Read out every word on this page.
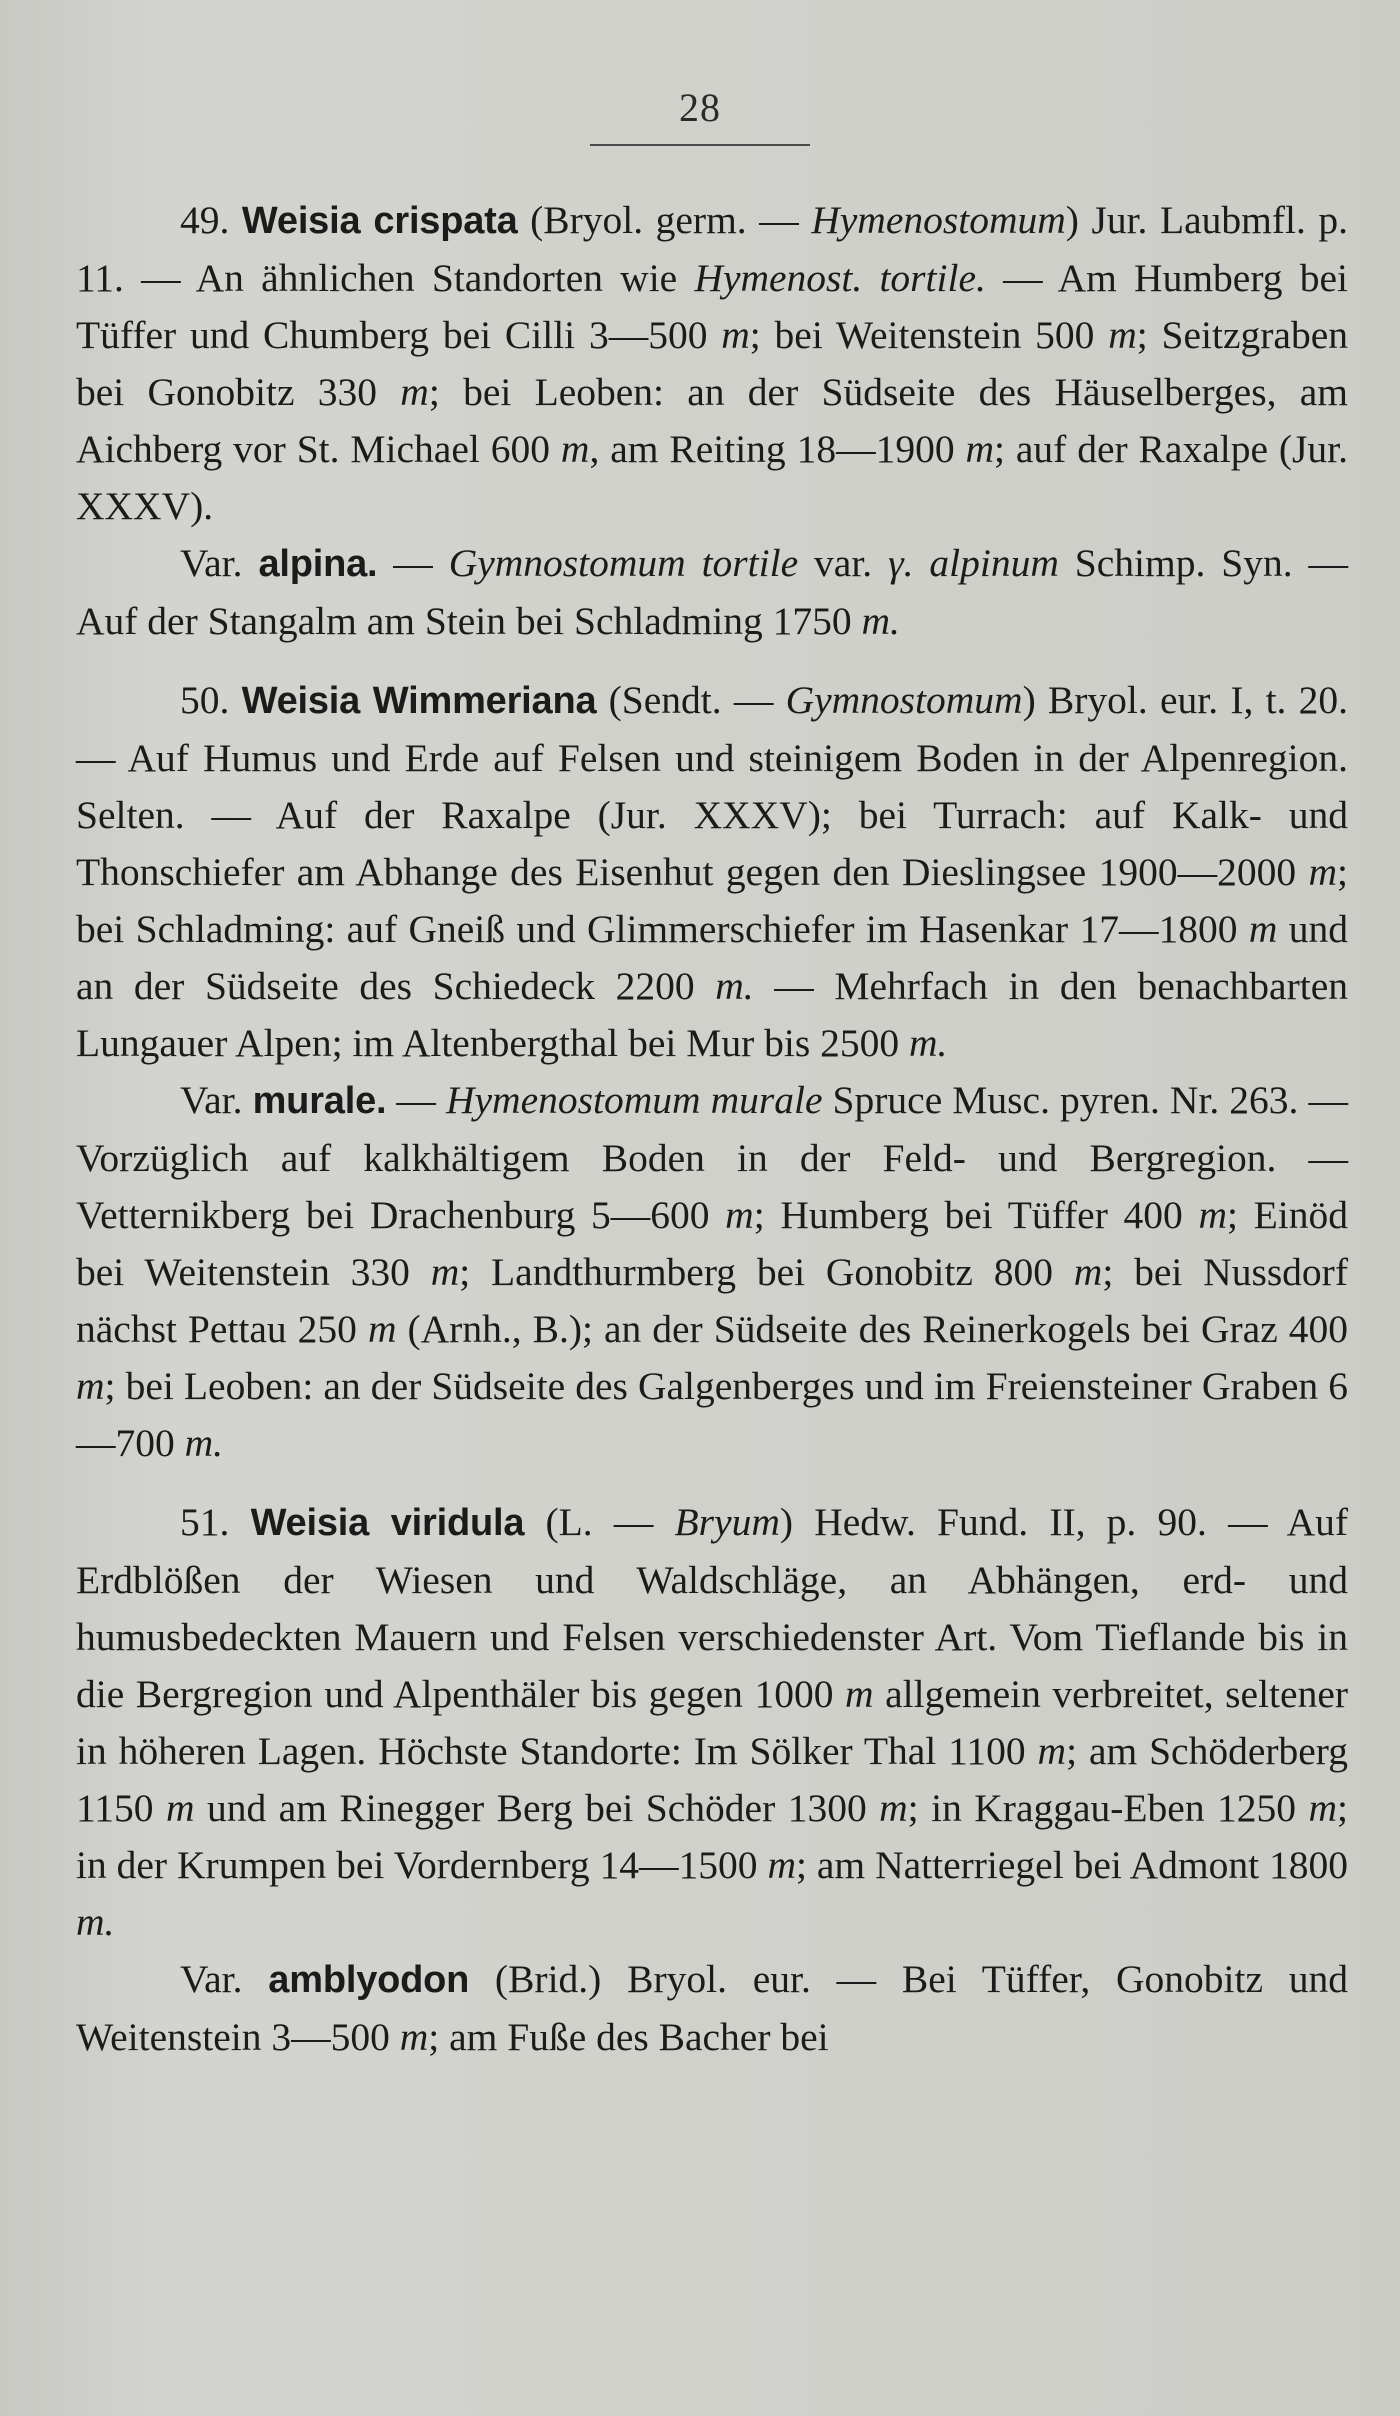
28

49. Weisia crispata (Bryol. germ. — Hymenostomum) Jur. Laubmfl. p. 11. — An ähnlichen Standorten wie Hymenost. tortile. — Am Humberg bei Tüffer und Chumberg bei Cilli 3—500 m; bei Weitenstein 500 m; Seitzgraben bei Gonobitz 330 m; bei Leoben: an der Südseite des Häuselberges, am Aichberg vor St. Michael 600 m, am Reiting 18—1900 m; auf der Raxalpe (Jur. XXXV).

Var. alpina. — Gymnostomum tortile var. γ. alpinum Schimp. Syn. — Auf der Stangalm am Stein bei Schladming 1750 m.

50. Weisia Wimmeriana (Sendt. — Gymnostomum) Bryol. eur. I, t. 20. — Auf Humus und Erde auf Felsen und steinigem Boden in der Alpenregion. Selten. — Auf der Raxalpe (Jur. XXXV); bei Turrach: auf Kalk- und Thonschiefer am Abhange des Eisenhut gegen den Dieslingsee 1900—2000 m; bei Schladming: auf Gneiß und Glimmerschiefer im Hasenkar 17—1800 m und an der Südseite des Schiedeck 2200 m. — Mehrfach in den benachbarten Lungauer Alpen; im Altenbergthal bei Mur bis 2500 m.

Var. murale. — Hymenostomum murale Spruce Musc. pyren. Nr. 263. — Vorzüglich auf kalkhältigem Boden in der Feld- und Bergregion. — Vetternikberg bei Drachenburg 5—600 m; Humberg bei Tüffer 400 m; Einöd bei Weitenstein 330 m; Landthurmberg bei Gonobitz 800 m; bei Nussdorf nächst Pettau 250 m (Arnh., B.); an der Südseite des Reinerkogels bei Graz 400 m; bei Leoben: an der Südseite des Galgenberges und im Freiensteiner Graben 6—700 m.

51. Weisia viridula (L. — Bryum) Hedw. Fund. II, p. 90. — Auf Erdblößen der Wiesen und Waldschläge, an Abhängen, erd- und humusbedeckten Mauern und Felsen verschiedenster Art. Vom Tieflande bis in die Bergregion und Alpenthäler bis gegen 1000 m allgemein verbreitet, seltener in höheren Lagen. Höchste Standorte: Im Sölker Thal 1100 m; am Schöderberg 1150 m und am Rinegger Berg bei Schöder 1300 m; in Kraggau-Eben 1250 m; in der Krumpen bei Vordernberg 14—1500 m; am Natterriegel bei Admont 1800 m.

Var. amblyodon (Brid.) Bryol. eur. — Bei Tüffer, Gonobitz und Weitenstein 3—500 m; am Fuße des Bacher bei
